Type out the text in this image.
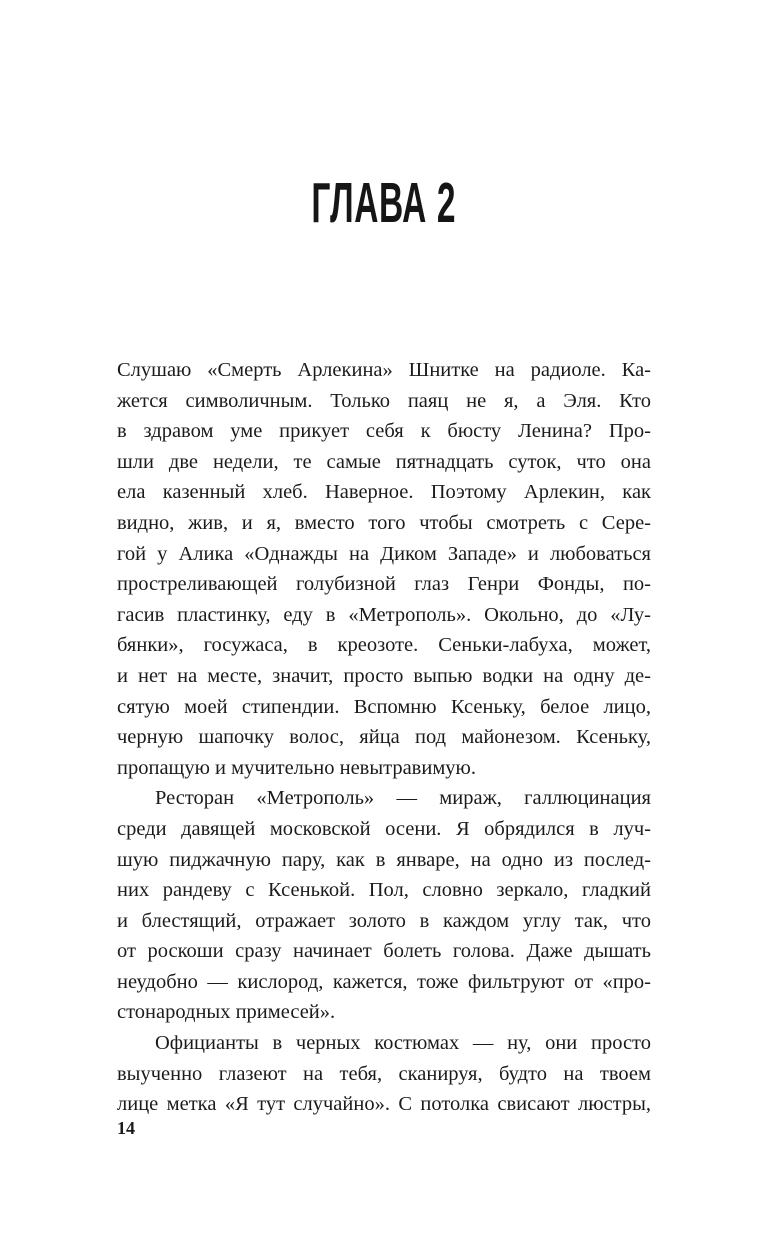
ГЛАВА 2
Слушаю «Смерть Арлекина» Шнитке на радиоле. Ка-
жется символичным. Только паяц не я, а Эля. Кто
в здравом уме прикует себя к бюсту Ленина? Про-
шли две недели, те самые пятнадцать суток, что она
ела казенный хлеб. Наверное. Поэтому Арлекин, как
видно, жив, и я, вместо того чтобы смотреть с Сере-
гой у Алика «Однажды на Диком Западе» и любоваться
простреливающей голубизной глаз Генри Фонды, по-
гасив пластинку, еду в «Метрополь». Окольно, до «Лу-
бянки», госужаса, в креозоте. Сеньки-лабуха, может,
и нет на месте, значит, просто выпью водки на одну де-
сятую моей стипендии. Вспомню Ксеньку, белое лицо,
черную шапочку волос, яйца под майонезом. Ксеньку,
пропащую и мучительно невытравимую.
Ресторан «Метрополь» — мираж, галлюцинация
среди давящей московской осени. Я обрядился в луч-
шую пиджачную пару, как в январе, на одно из послед-
них рандеву с Ксенькой. Пол, словно зеркало, гладкий
и блестящий, отражает золото в каждом углу так, что
от роскоши сразу начинает болеть голова. Даже дышать
неудобно — кислород, кажется, тоже фильтруют от «про-
стонародных примесей».
Официанты в черных костюмах — ну, они просто
выученно глазеют на тебя, сканируя, будто на твоем
лице метка «Я тут случайно». С потолка свисают люстры,
14
